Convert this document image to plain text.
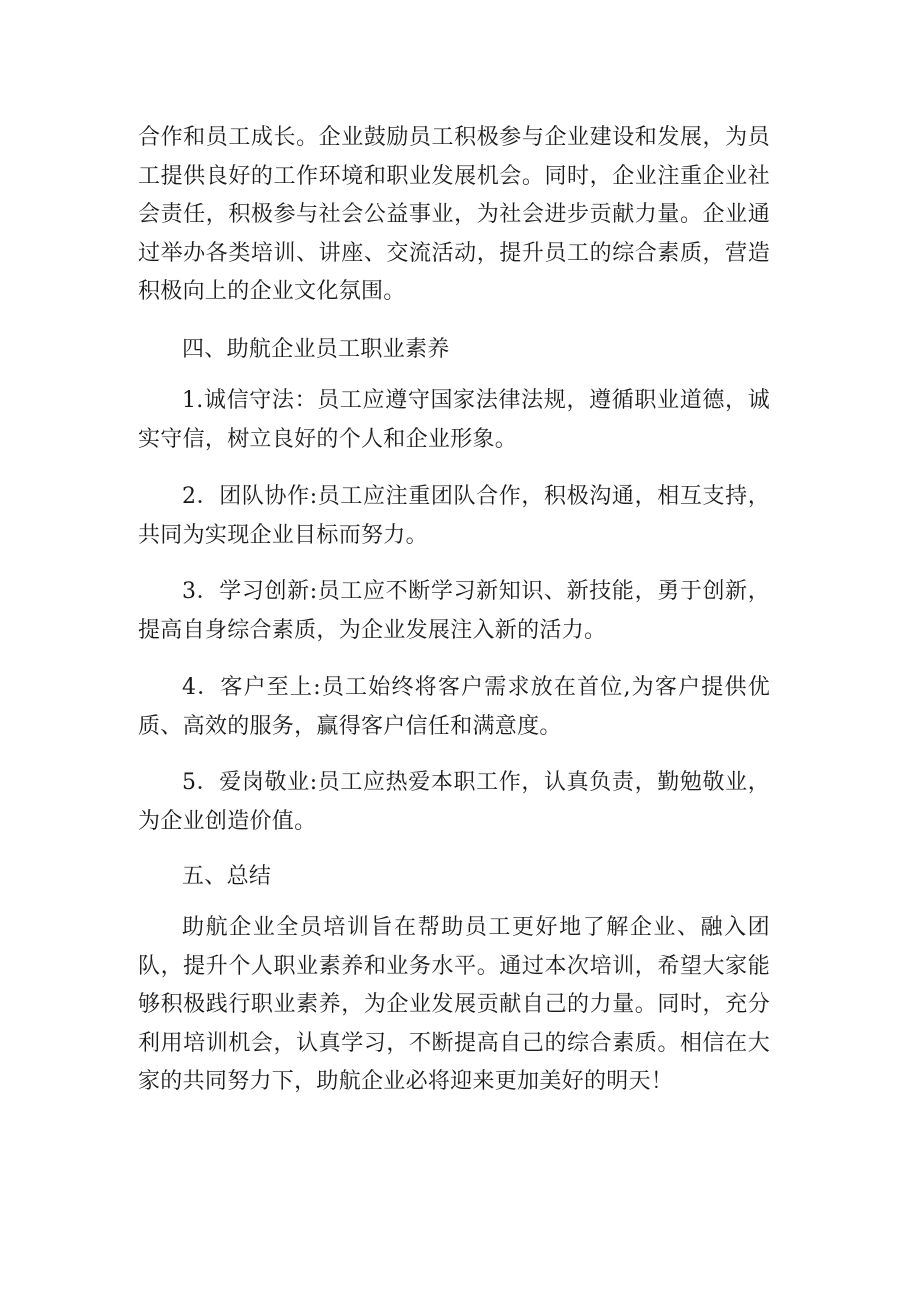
合作和员工成长。企业鼓励员工积极参与企业建设和发展，为员工提供良好的工作环境和职业发展机会。同时，企业注重企业社会责任，积极参与社会公益事业，为社会进步贡献力量。企业通过举办各类培训、讲座、交流活动，提升员工的综合素质，营造积极向上的企业文化氛围。

四、助航企业员工职业素养

1.诚信守法：员工应遵守国家法律法规，遵循职业道德，诚实守信，树立良好的个人和企业形象。

2．团队协作:员工应注重团队合作，积极沟通，相互支持，共同为实现企业目标而努力。

3．学习创新:员工应不断学习新知识、新技能，勇于创新，提高自身综合素质，为企业发展注入新的活力。

4．客户至上:员工始终将客户需求放在首位,为客户提供优质、高效的服务，赢得客户信任和满意度。

5．爱岗敬业:员工应热爱本职工作，认真负责，勤勉敬业，为企业创造价值。

五、总结

助航企业全员培训旨在帮助员工更好地了解企业、融入团队，提升个人职业素养和业务水平。通过本次培训，希望大家能够积极践行职业素养，为企业发展贡献自己的力量。同时，充分利用培训机会，认真学习，不断提高自己的综合素质。相信在大家的共同努力下，助航企业必将迎来更加美好的明天！
